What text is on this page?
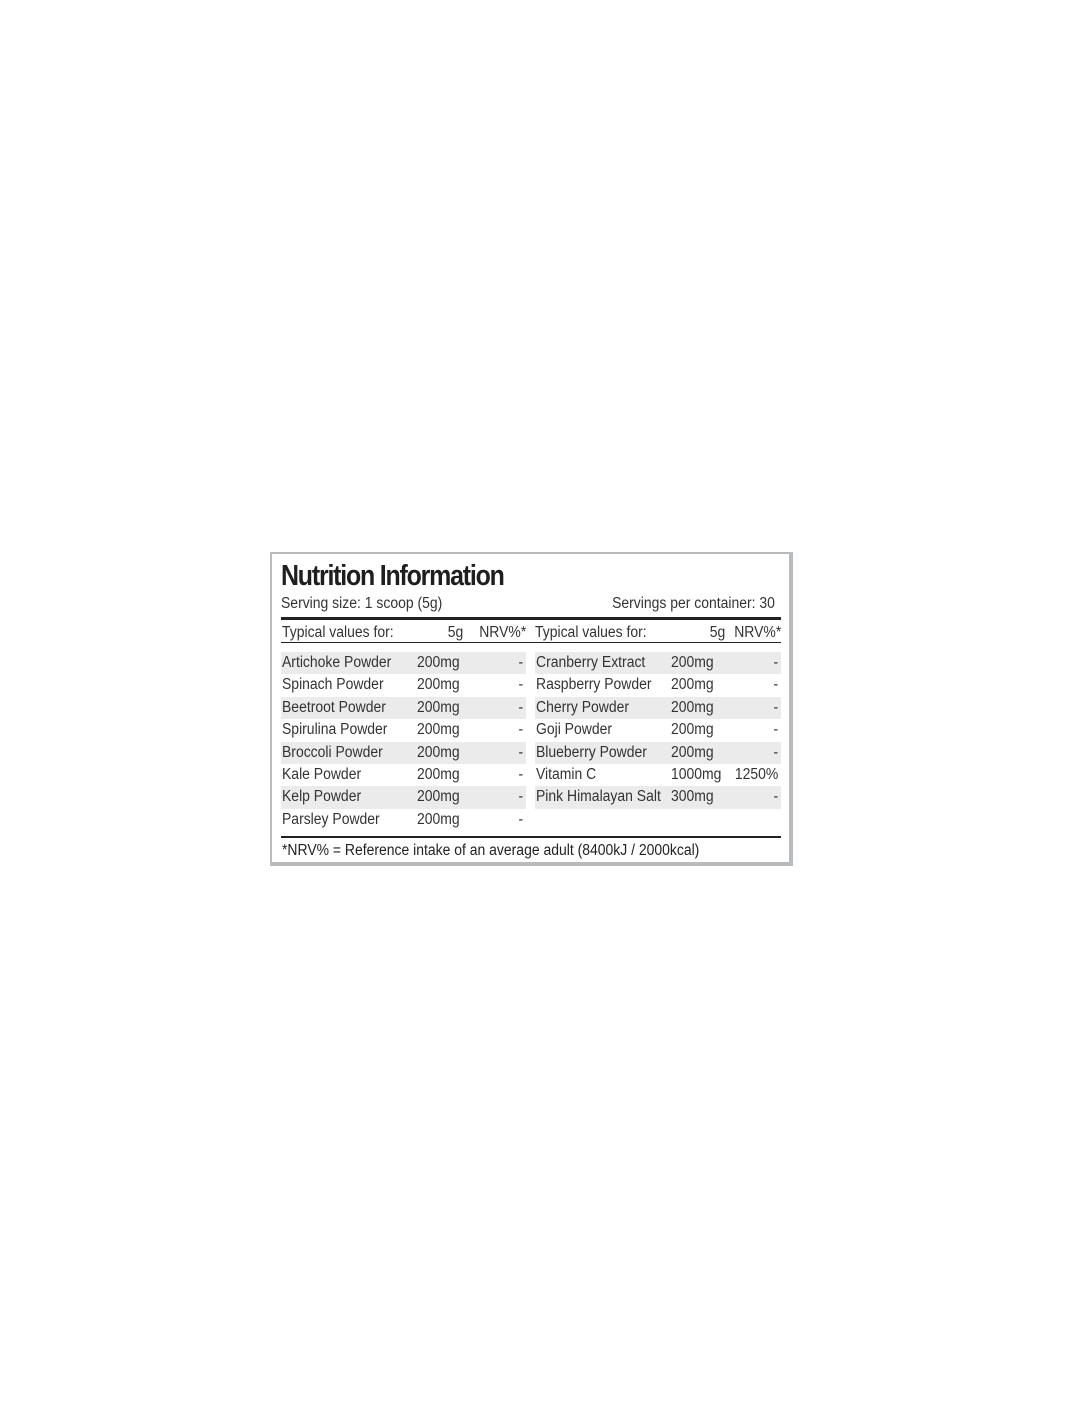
Nutrition Information
Serving size: 1 scoop (5g)	Servings per container: 30
Typical values for:	5g NRV%* Typical values for:	5g NRV%*
Artichoke Powder 200mg	-
Spinach Powder 200mg	-
Beetroot Powder 200mg	-
Spirulina Powder 200mg	-
Broccoli Powder 200mg	-
Kale Powder	200mg	-
Kelp Powder	200mg	-
Parsley Powder 200mg	-
Cranberry Extract 200mg	-
Raspberry Powder 200mg	-
Cherry Powder	200mg	-
Goji Powder	200mg	-
Blueberry Powder 200mg	-
Vitamin C	1000mg 1250%
Pink Himalayan Salt 300mg	-
*NRV% = Reference intake of an average adult (8400kJ / 2000kcal)
